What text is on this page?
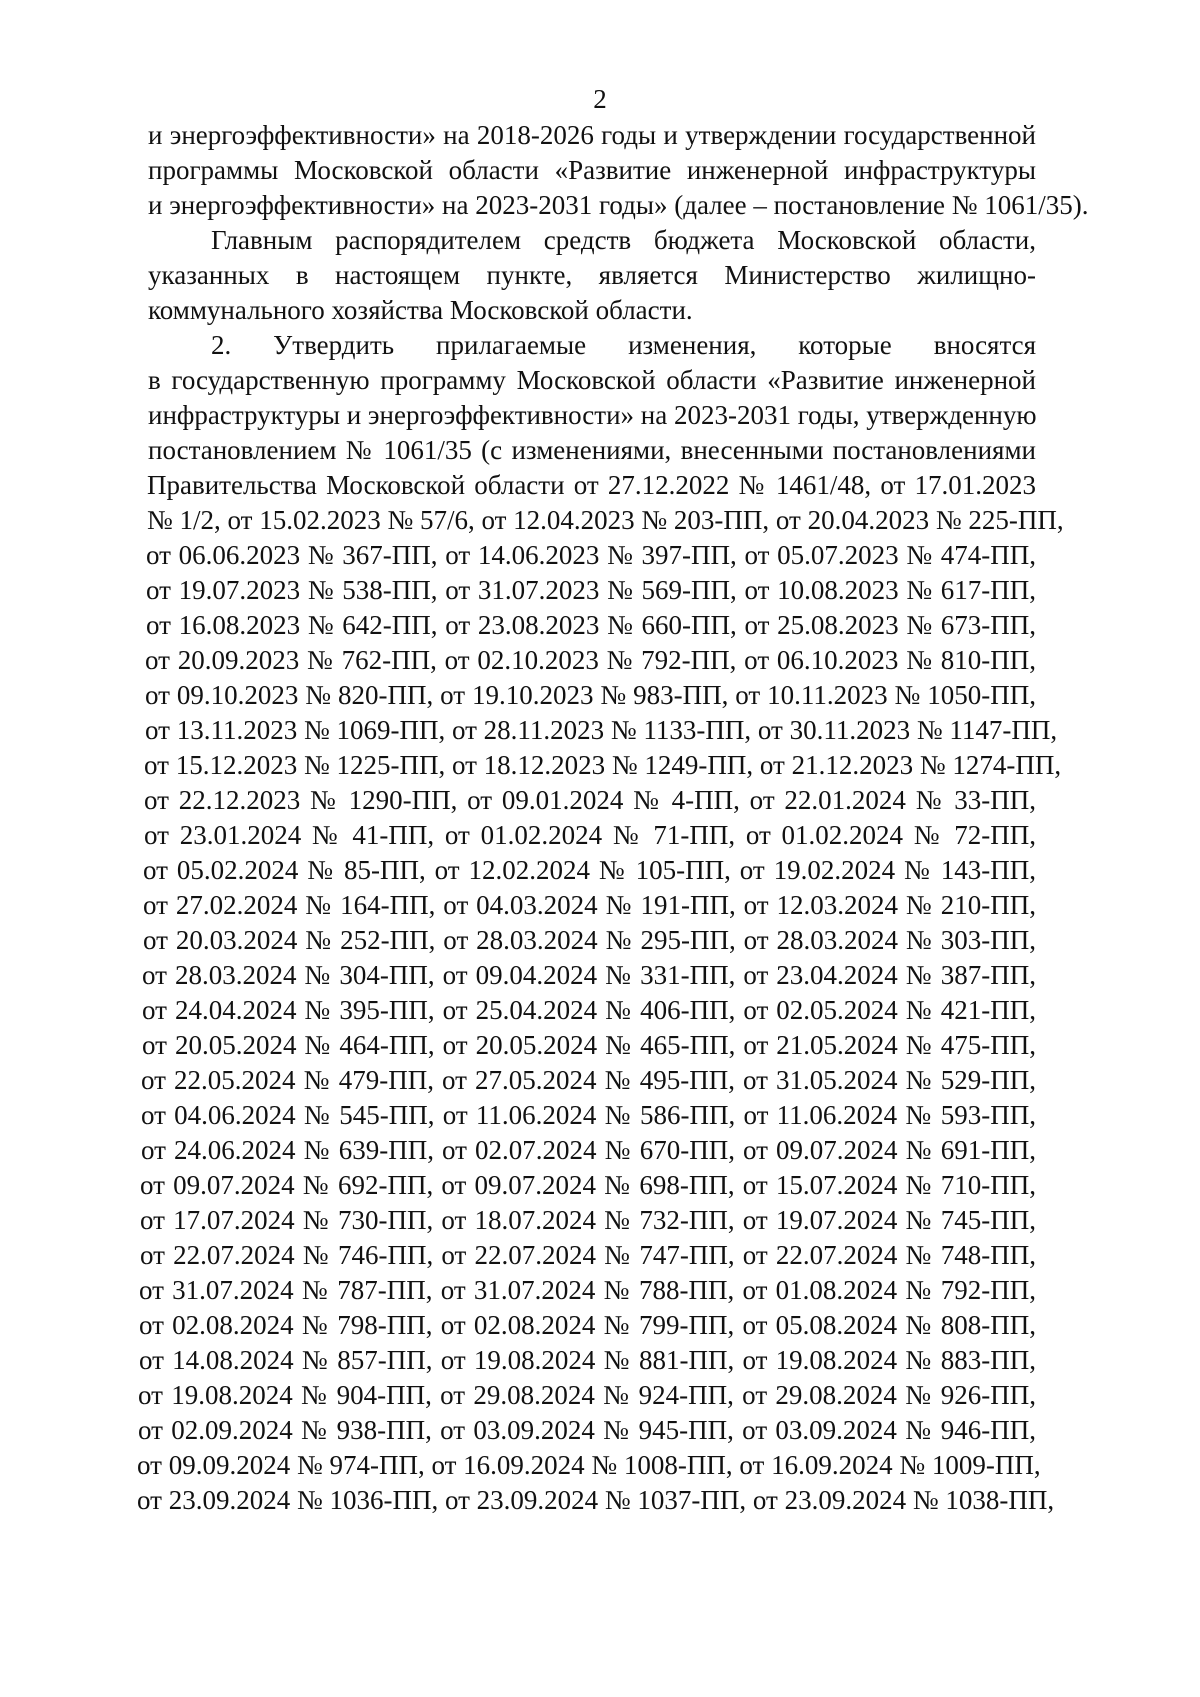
2
и энергоэффективности» на 2018-2026 годы и утверждении государственной
программы Московской области «Развитие инженерной инфраструктуры
и энергоэффективности» на 2023-2031 годы» (далее – постановление № 1061/35).
Главным распорядителем средств бюджета Московской области,
указанных в настоящем пункте, является Министерство жилищно-
коммунального хозяйства Московской области.
2. Утвердить прилагаемые изменения, которые вносятся
в государственную программу Московской области «Развитие инженерной
инфраструктуры и энергоэффективности» на 2023-2031 годы, утвержденную
постановлением № 1061/35 (с изменениями, внесенными постановлениями
Правительства Московской области от 27.12.2022 № 1461/48, от 17.01.2023
№ 1/2, от 15.02.2023 № 57/6, от 12.04.2023 № 203-ПП, от 20.04.2023 № 225-ПП,
от 06.06.2023 № 367-ПП, от 14.06.2023 № 397-ПП, от 05.07.2023 № 474-ПП,
от 19.07.2023 № 538-ПП, от 31.07.2023 № 569-ПП, от 10.08.2023 № 617-ПП,
от 16.08.2023 № 642-ПП, от 23.08.2023 № 660-ПП, от 25.08.2023 № 673-ПП,
от 20.09.2023 № 762-ПП, от 02.10.2023 № 792-ПП, от 06.10.2023 № 810-ПП,
от 09.10.2023 № 820-ПП, от 19.10.2023 № 983-ПП, от 10.11.2023 № 1050-ПП,
от 13.11.2023 № 1069-ПП, от 28.11.2023 № 1133-ПП, от 30.11.2023 № 1147-ПП,
от 15.12.2023 № 1225-ПП, от 18.12.2023 № 1249-ПП, от 21.12.2023 № 1274-ПП,
от 22.12.2023 № 1290-ПП, от 09.01.2024 № 4-ПП, от 22.01.2024 № 33-ПП,
от 23.01.2024 № 41-ПП, от 01.02.2024 № 71-ПП, от 01.02.2024 № 72-ПП,
от 05.02.2024 № 85-ПП, от 12.02.2024 № 105-ПП, от 19.02.2024 № 143-ПП,
от 27.02.2024 № 164-ПП, от 04.03.2024 № 191-ПП, от 12.03.2024 № 210-ПП,
от 20.03.2024 № 252-ПП, от 28.03.2024 № 295-ПП, от 28.03.2024 № 303-ПП,
от 28.03.2024 № 304-ПП, от 09.04.2024 № 331-ПП, от 23.04.2024 № 387-ПП,
от 24.04.2024 № 395-ПП, от 25.04.2024 № 406-ПП, от 02.05.2024 № 421-ПП,
от 20.05.2024 № 464-ПП, от 20.05.2024 № 465-ПП, от 21.05.2024 № 475-ПП,
от 22.05.2024 № 479-ПП, от 27.05.2024 № 495-ПП, от 31.05.2024 № 529-ПП,
от 04.06.2024 № 545-ПП, от 11.06.2024 № 586-ПП, от 11.06.2024 № 593-ПП,
от 24.06.2024 № 639-ПП, от 02.07.2024 № 670-ПП, от 09.07.2024 № 691-ПП,
от 09.07.2024 № 692-ПП, от 09.07.2024 № 698-ПП, от 15.07.2024 № 710-ПП,
от 17.07.2024 № 730-ПП, от 18.07.2024 № 732-ПП, от 19.07.2024 № 745-ПП,
от 22.07.2024 № 746-ПП, от 22.07.2024 № 747-ПП, от 22.07.2024 № 748-ПП,
от 31.07.2024 № 787-ПП, от 31.07.2024 № 788-ПП, от 01.08.2024 № 792-ПП,
от 02.08.2024 № 798-ПП, от 02.08.2024 № 799-ПП, от 05.08.2024 № 808-ПП,
от 14.08.2024 № 857-ПП, от 19.08.2024 № 881-ПП, от 19.08.2024 № 883-ПП,
от 19.08.2024 № 904-ПП, от 29.08.2024 № 924-ПП, от 29.08.2024 № 926-ПП,
от 02.09.2024 № 938-ПП, от 03.09.2024 № 945-ПП, от 03.09.2024 № 946-ПП,
от 09.09.2024 № 974-ПП, от 16.09.2024 № 1008-ПП, от 16.09.2024 № 1009-ПП,
от 23.09.2024 № 1036-ПП, от 23.09.2024 № 1037-ПП, от 23.09.2024 № 1038-ПП,
